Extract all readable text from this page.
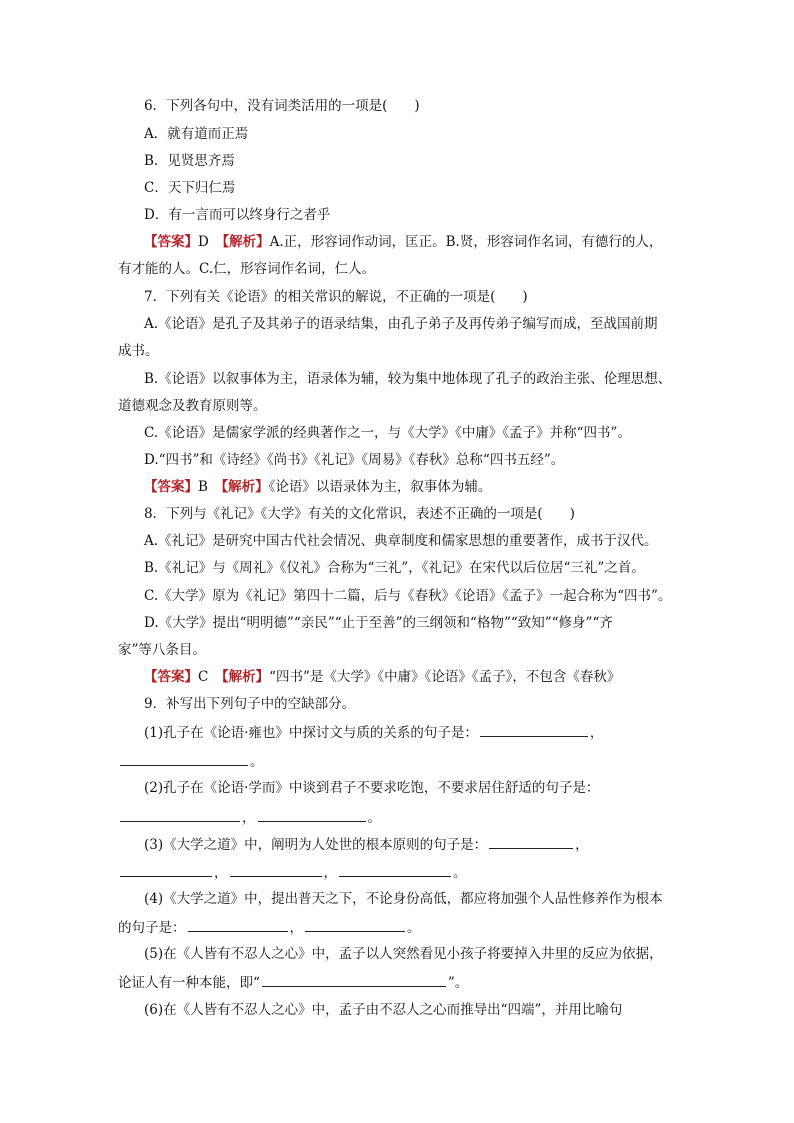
6．下列各句中，没有词类活用的一项是(　　)
A．就有道而正焉
B．见贤思齐焉
C．天下归仁焉
D．有一言而可以终身行之者乎
【答案】D　 【解析】A.正，形容词作动词，匡正。B.贤，形容词作名词，有德行的人，
有才能的人。C.仁，形容词作名词，仁人。
7．下列有关《论语》的相关常识的解说，不正确的一项是(　　)
A.《论语》是孔子及其弟子的语录结集，由孔子弟子及再传弟子编写而成，至战国前期
成书。
B.《论语》以叙事体为主，语录体为辅，较为集中地体现了孔子的政治主张、伦理思想、
道德观念及教育原则等。
C.《论语》是儒家学派的经典著作之一，与《大学》《中庸》《孟子》并称“四书”。
D.“四书”和《诗经》《尚书》《礼记》《周易》《春秋》总称“四书五经”。
【答案】B　 【解析】《论语》以语录体为主，叙事体为辅。
8．下列与《礼记》《大学》有关的文化常识，表述不正确的一项是(　　)
A.《礼记》是研究中国古代社会情况、典章制度和儒家思想的重要著作，成书于汉代。
B.《礼记》与《周礼》《仪礼》合称为“三礼”，《礼记》在宋代以后位居“三礼”之首。
C.《大学》原为《礼记》第四十二篇，后与《春秋》《论语》《孟子》一起合称为“四书”。
D.《大学》提出“明明德”“亲民”“止于至善”的三纲领和“格物”“致知”“修身”“齐
家”等八条目。
【答案】C　 【解析】“四书”是《大学》《中庸》《论语》《孟子》，不包含《春秋》
9．补写出下列句子中的空缺部分。
(1)孔子在《论语·雍也》中探讨文与质的关系的句子是：	，
。
(2)孔子在《论语·学而》中谈到君子不要求吃饱，不要求居住舒适的句子是：
，	。
(3)《大学之道》中，阐明为人处世的根本原则的句子是：	，
，	，	。
(4)《大学之道》中，提出普天之下，不论身份高低，都应将加强个人品性修养作为根本
的句子是：	，	。
(5)在《人皆有不忍人之心》中，孟子以人突然看见小孩子将要掉入井里的反应为依据，
论证人有一种本能，即“	”。
(6)在《人皆有不忍人之心》中，孟子由不忍人之心而推导出“四端”，并用比喻句
